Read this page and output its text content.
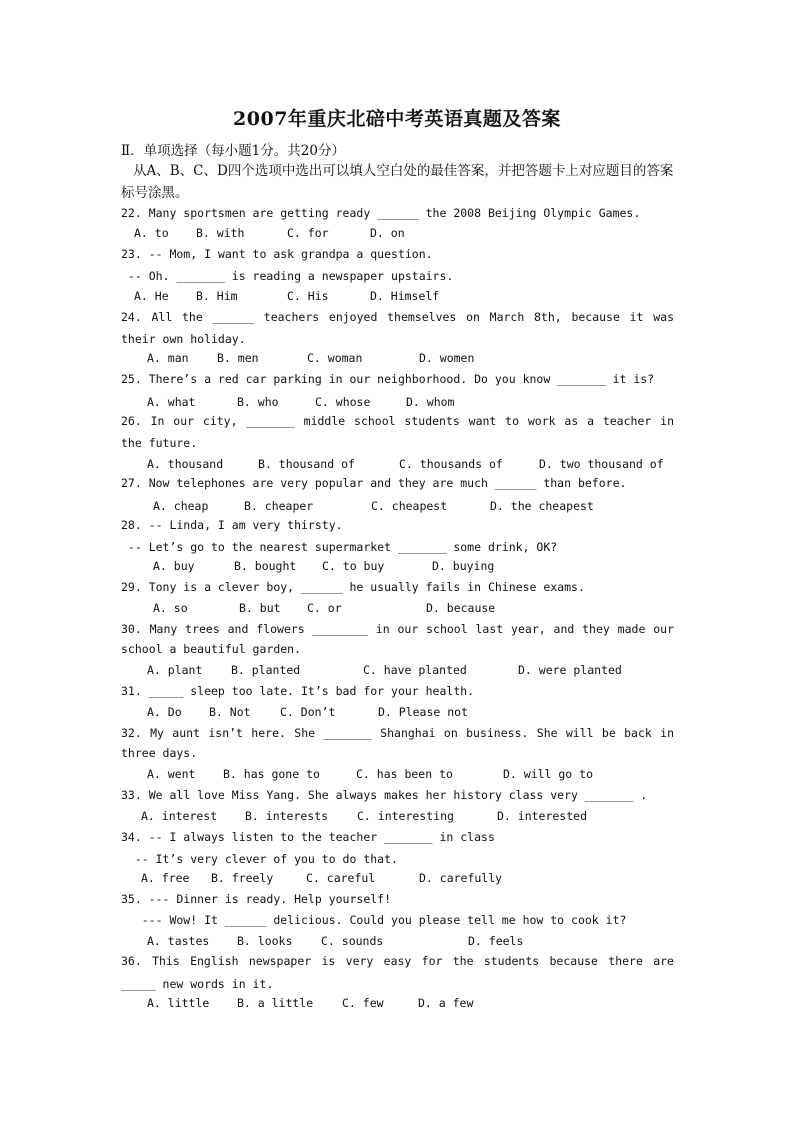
2007年重庆北碚中考英语真题及答案
Ⅱ．单项选择（每小题1分。共20分）
从A、B、C、D四个选项中选出可以填人空白处的最佳答案，并把答题卡上对应题目的答案标号涂黑。
22. Many sportsmen are getting ready ______ the 2008 Beijing Olympic Games.
A. to B. with	C. for	D. on
23. -- Mom, I want to ask grandpa a question.
-- Oh. _______ is reading a newspaper upstairs.
A. He B. Him	C. His	D. Himself
24. All the ______ teachers enjoyed themselves on March 8th, because it was
their own holiday.
A. man B. men	C. woman	D. women
25. There’s a red car parking in our neighborhood. Do you know _______ it is?
A. what	B. who	C. whose	D. whom
26. In our city, _______ middle school students want to work as a teacher in
the future.
A. thousand	B. thousand of	C. thousands of	D. two thousand of
27. Now telephones are very popular and they are much ______ than before.
A. cheap	B. cheaper	C. cheapest	D. the cheapest
28. -- Linda, I am very thirsty.
-- Let’s go to the nearest supermarket _______ some drink, OK?
A. buy	B. bought C. to buy	D. buying
29. Tony is a clever boy, ______ he usually fails in Chinese exams.
A. so	B. but C. or	D. because
30. Many trees and flowers ________ in our school last year, and they made our
school a beautiful garden.
A. plant B. planted	C. have planted	D. were planted
31. _____ sleep too late. It’s bad for your health.
A. Do B. Not	C. Don’t	D. Please not
32. My aunt isn’t here. She _______ Shanghai on business. She will be back in
three days.
A. went B. has gone to	C. has been to	D. will go to
33. We all love Miss Yang. She always makes her history class very _______ .
A. interest B. interests	C. interesting	D. interested
34. -- I always listen to the teacher _______ in class
-- It’s very clever of you to do that.
A. free B. freely	C. careful	D. carefully
35. --- Dinner is ready. Help yourself!
--- Wow! It ______ delicious. Could you please tell me how to cook it?
A. tastes B. looks C. sounds	D. feels
36. This English newspaper is very easy for the students because there are
_____ new words in it.
A. little B. a little	C. few	D. a few
